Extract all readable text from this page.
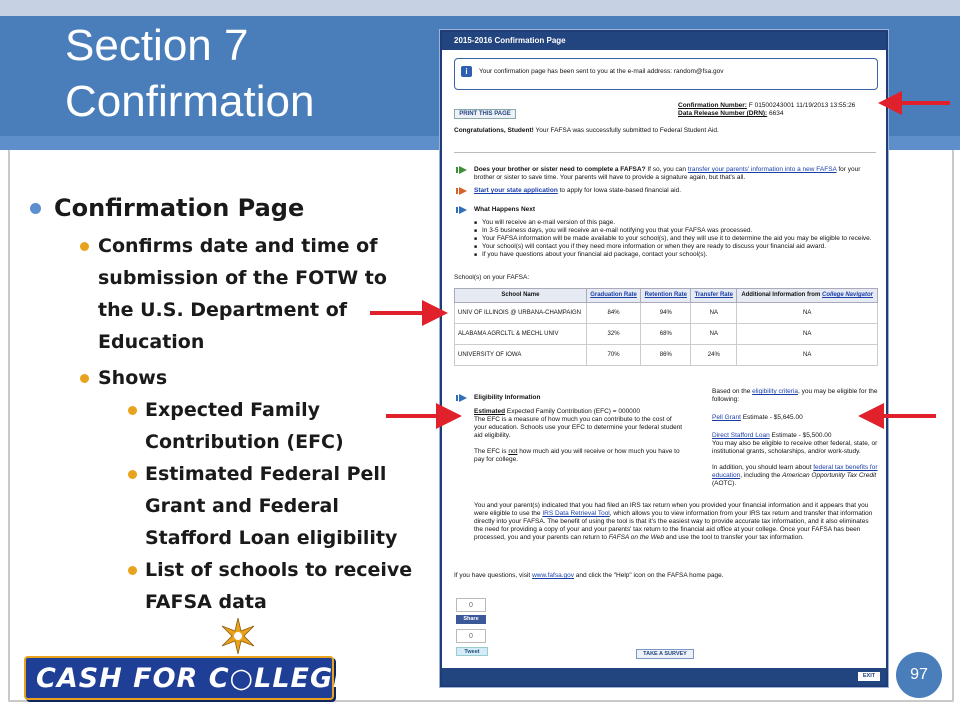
Section 7
Confirmation
Confirmation Page
Confirms date and time of submission of the FOTW to the U.S. Department of Education
Shows
Expected Family Contribution (EFC)
Estimated Federal Pell Grant and Federal Stafford Loan eligibility
List of schools to receive FAFSA data
CASH FOR C○LLEGE	97
2015-2016 Confirmation Page
i	Your confirmation page has been sent to you at the e-mail address: random@fsa.gov
PRINT THIS PAGE
Confirmation Number: F 01500243001 11/19/2013 13:55:26
Data Release Number (DRN): 6634
Congratulations, Student! Your FAFSA was successfully submitted to Federal Student Aid.
Does your brother or sister need to complete a FAFSA? If so, you can transfer your parents' information into a new FAFSA for your brother or sister to save time. Your parents will have to provide a signature again, but that's all.
Start your state application to apply for Iowa state-based financial aid.
What Happens Next
■ You will receive an e-mail version of this page.
■ In 3-5 business days, you will receive an e-mail notifying you that your FAFSA was processed.
■ Your FAFSA information will be made available to your school(s), and they will use it to determine the aid you may be eligible to receive.
■ Your school(s) will contact you if they need more information or when they are ready to discuss your financial aid award.
■ If you have questions about your financial aid package, contact your school(s).
School(s) on your FAFSA:
School Name	Graduation Rate	Retention Rate	Transfer Rate	Additional Information from College Navigator
UNIV OF ILLINOIS @ URBANA-CHAMPAIGN	84%	94%	NA	NA
ALABAMA AGRCLTL & MECHL UNIV	32%	68%	NA	NA
UNIVERSITY OF IOWA	70%	86%	24%	NA
Eligibility Information
Estimated Expected Family Contribution (EFC) = 000000
The EFC is a measure of how much you can contribute to the cost of your education. Schools use your EFC to determine your federal student aid eligibility.
The EFC is not how much aid you will receive or how much you have to pay for college.
Based on the eligibility criteria, you may be eligible for the following:
Pell Grant Estimate - $5,645.00
Direct Stafford Loan Estimate - $5,500.00
You may also be eligible to receive other federal, state, or institutional grants, scholarships, and/or work-study.
In addition, you should learn about federal tax benefits for education, including the American Opportunity Tax Credit (AOTC).
You and your parent(s) indicated that you had filed an IRS tax return when you provided your financial information and it appears that you were eligible to use the IRS Data Retrieval Tool, which allows you to view information from your IRS tax return and transfer that information directly into your FAFSA. The benefit of using the tool is that it's the easiest way to provide accurate tax information, and it also eliminates the need for providing a copy of your and your parents' tax return to the financial aid office at your college. Once your FAFSA has been processed, you and your parents can return to FAFSA on the Web and use the tool to transfer your tax information.
If you have questions, visit www.fafsa.gov and click the "Help" icon on the FAFSA home page.
0
Share
0
Tweet	TAKE A SURVEY
EXIT
